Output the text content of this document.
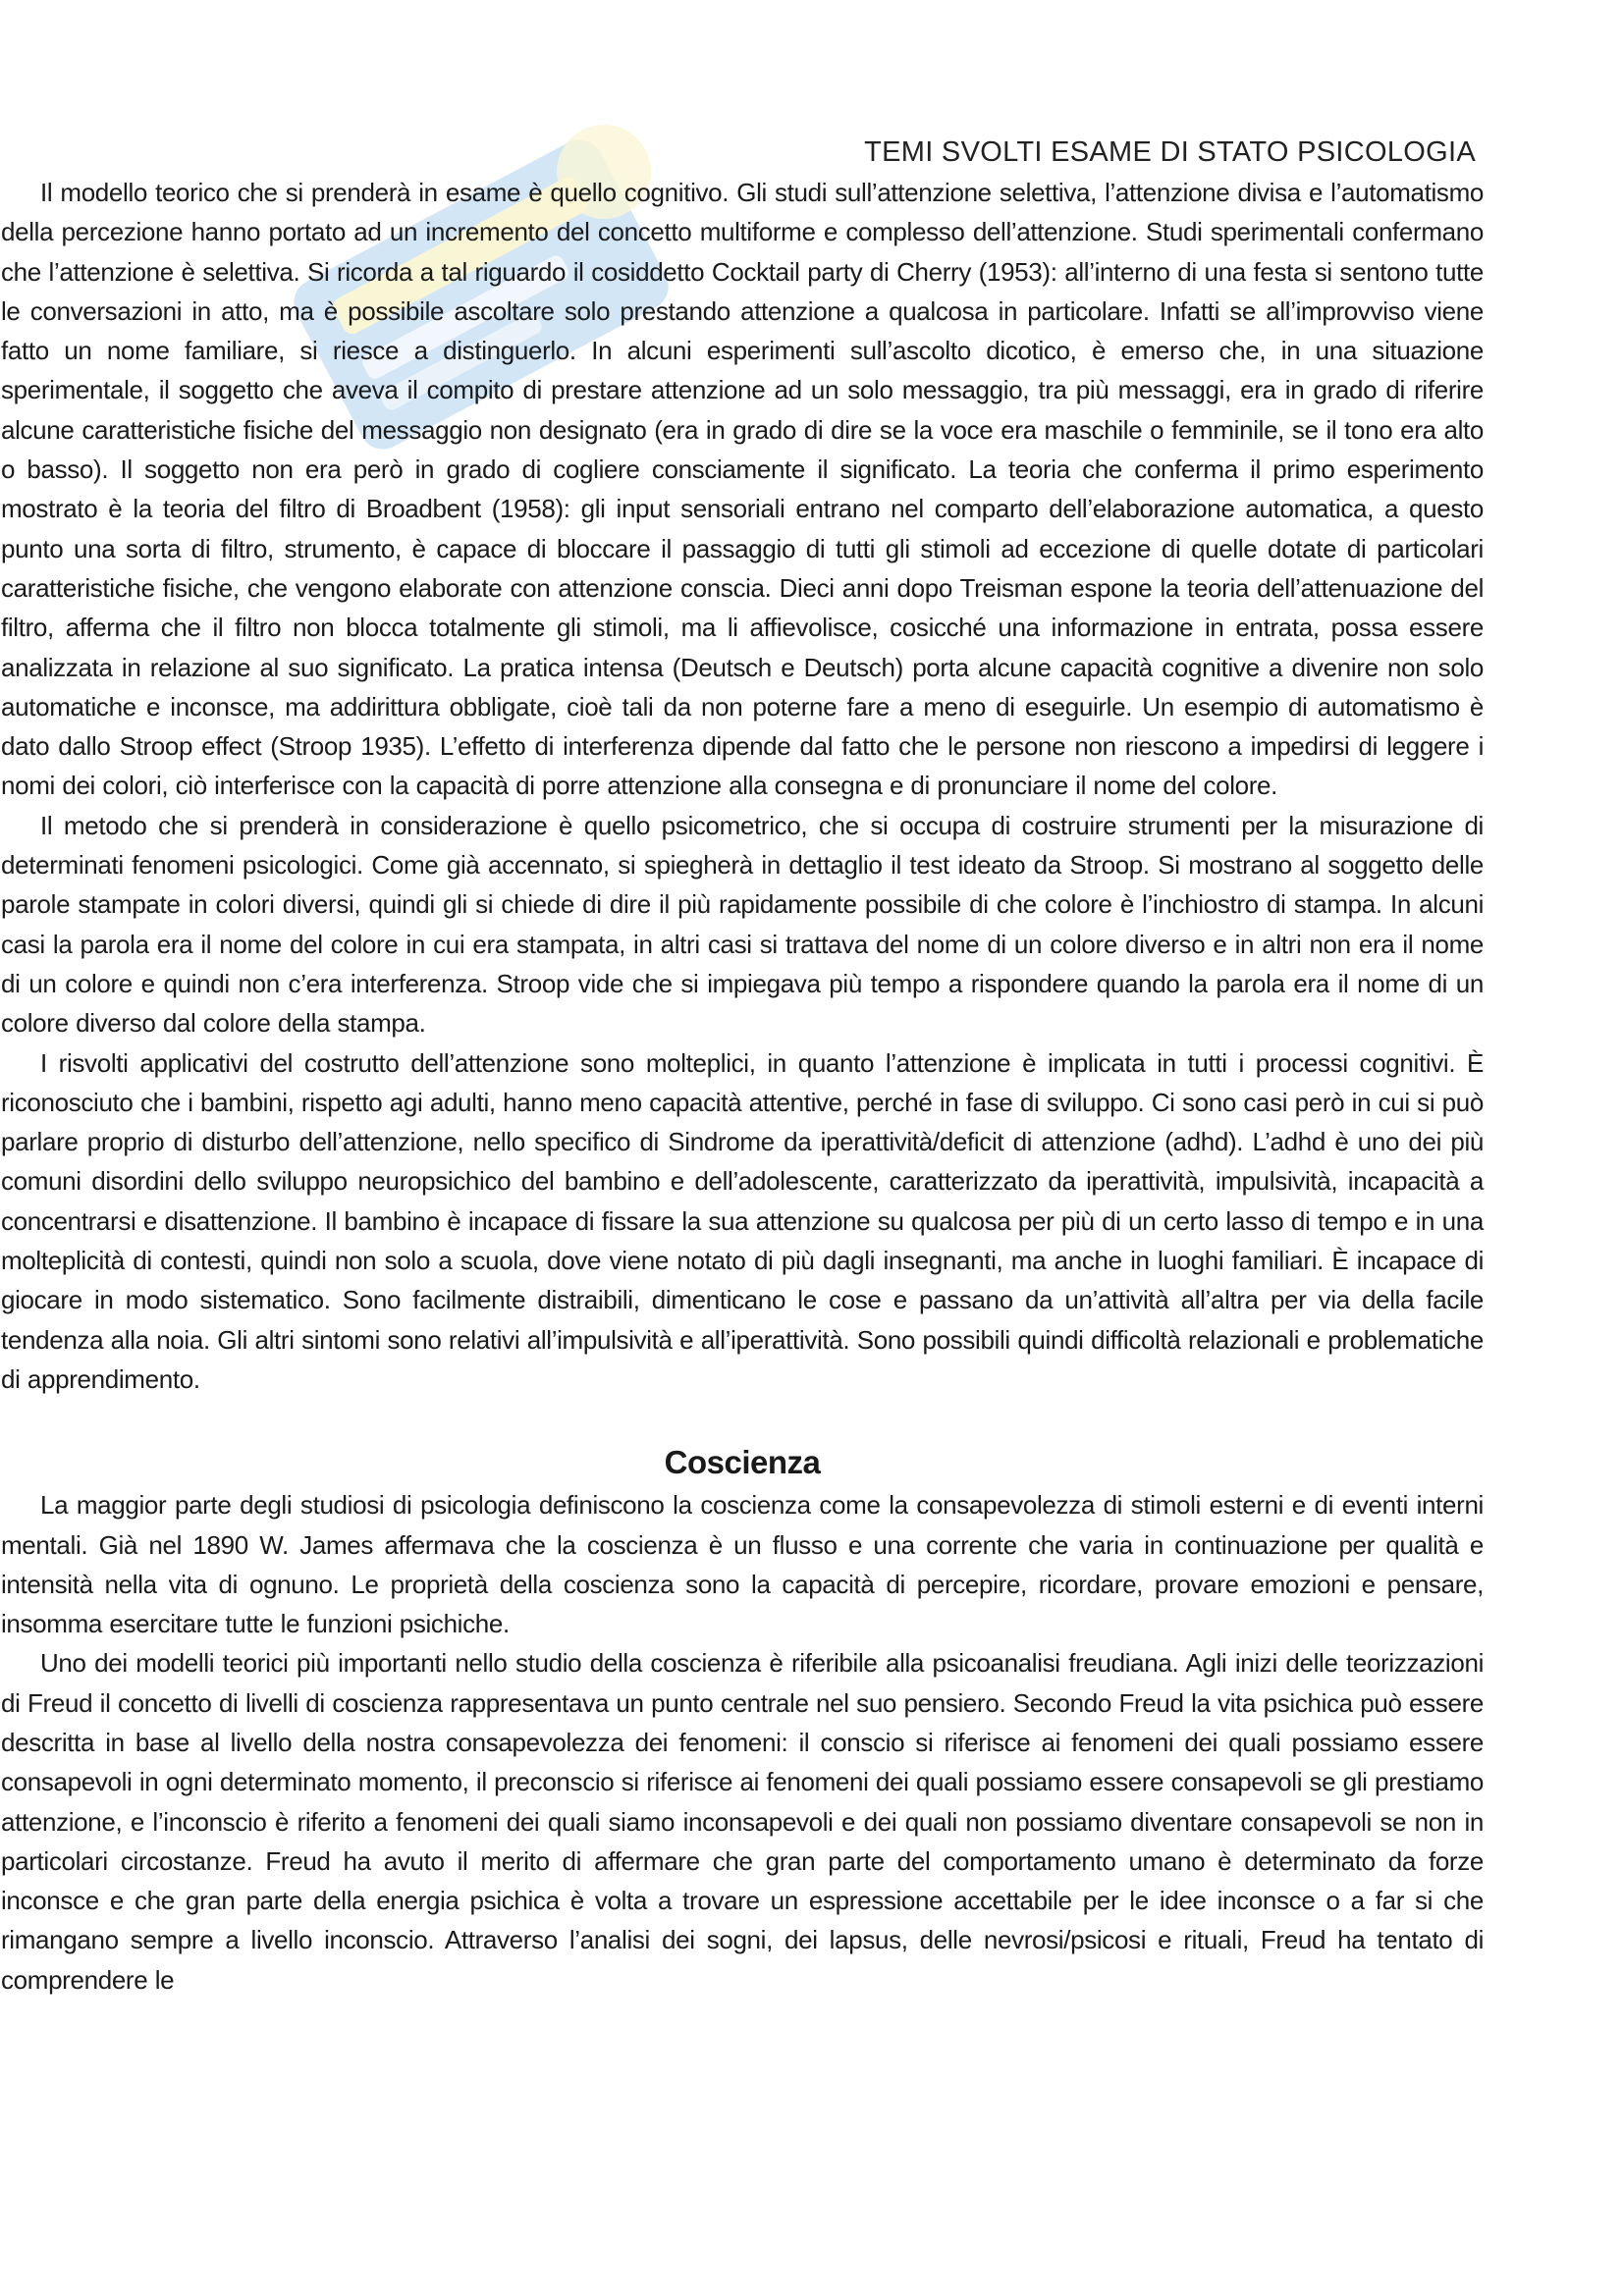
TEMI SVOLTI ESAME DI STATO PSICOLOGIA

Il modello teorico che si prenderà in esame è quello cognitivo. Gli studi sull’attenzione selettiva, l’attenzione divisa e l’automatismo della percezione hanno portato ad un incremento del concetto multiforme e complesso dell’attenzione. Studi sperimentali confermano che l’attenzione è selettiva. Si ricorda a tal riguardo il cosiddetto Cocktail party di Cherry (1953): all’interno di una festa si sentono tutte le conversazioni in atto, ma è possibile ascoltare solo prestando attenzione a qualcosa in particolare. Infatti se all’improvviso viene fatto un nome familiare, si riesce a distinguerlo. In alcuni esperimenti sull’ascolto dicotico, è emerso che, in una situazione sperimentale, il soggetto che aveva il compito di prestare attenzione ad un solo messaggio, tra più messaggi, era in grado di riferire alcune caratteristiche fisiche del messaggio non designato (era in grado di dire se la voce era maschile o femminile, se il tono era alto o basso). Il soggetto non era però in grado di cogliere consciamente il significato. La teoria che conferma il primo esperimento mostrato è la teoria del filtro di Broadbent (1958): gli input sensoriali entrano nel comparto dell’elaborazione automatica, a questo punto una sorta di filtro, strumento, è capace di bloccare il passaggio di tutti gli stimoli ad eccezione di quelle dotate di particolari caratteristiche fisiche, che vengono elaborate con attenzione conscia. Dieci anni dopo Treisman espone la teoria dell’attenuazione del filtro, afferma che il filtro non blocca totalmente gli stimoli, ma li affievolisce, cosicché una informazione in entrata, possa essere analizzata in relazione al suo significato. La pratica intensa (Deutsch e Deutsch) porta alcune capacità cognitive a divenire non solo automatiche e inconsce, ma addirittura obbligate, cioè tali da non poterne fare a meno di eseguirle. Un esempio di automatismo è dato dallo Stroop effect (Stroop 1935). L’effetto di interferenza dipende dal fatto che le persone non riescono a impedirsi di leggere i nomi dei colori, ciò interferisce con la capacità di porre attenzione alla consegna e di pronunciare il nome del colore.

Il metodo che si prenderà in considerazione è quello psicometrico, che si occupa di costruire strumenti per la misurazione di determinati fenomeni psicologici. Come già accennato, si spiegherà in dettaglio il test ideato da Stroop. Si mostrano al soggetto delle parole stampate in colori diversi, quindi gli si chiede di dire il più rapidamente possibile di che colore è l’inchiostro di stampa. In alcuni casi la parola era il nome del colore in cui era stampata, in altri casi si trattava del nome di un colore diverso e in altri non era il nome di un colore e quindi non c’era interferenza. Stroop vide che si impiegava più tempo a rispondere quando la parola era il nome di un colore diverso dal colore della stampa.

I risvolti applicativi del costrutto dell’attenzione sono molteplici, in quanto l’attenzione è implicata in tutti i processi cognitivi. È riconosciuto che i bambini, rispetto agi adulti, hanno meno capacità attentive, perché in fase di sviluppo. Ci sono casi però in cui si può parlare proprio di disturbo dell’attenzione, nello specifico di Sindrome da iperattività/deficit di attenzione (adhd). L’adhd è uno dei più comuni disordini dello sviluppo neuropsichico del bambino e dell’adolescente, caratterizzato da iperattività, impulsività, incapacità a concentrarsi e disattenzione. Il bambino è incapace di fissare la sua attenzione su qualcosa per più di un certo lasso di tempo e in una molteplicità di contesti, quindi non solo a scuola, dove viene notato di più dagli insegnanti, ma anche in luoghi familiari. È incapace di giocare in modo sistematico. Sono facilmente distraibili, dimenticano le cose e passano da un’attività all’altra per via della facile tendenza alla noia. Gli altri sintomi sono relativi all’impulsività e all’iperattività. Sono possibili quindi difficoltà relazionali e problematiche di apprendimento.

Coscienza

La maggior parte degli studiosi di psicologia definiscono la coscienza come la consapevolezza di stimoli esterni e di eventi interni mentali. Già nel 1890 W. James affermava che la coscienza è un flusso e una corrente che varia in continuazione per qualità e intensità nella vita di ognuno. Le proprietà della coscienza sono la capacità di percepire, ricordare, provare emozioni e pensare, insomma esercitare tutte le funzioni psichiche.

Uno dei modelli teorici più importanti nello studio della coscienza è riferibile alla psicoanalisi freudiana. Agli inizi delle teorizzazioni di Freud il concetto di livelli di coscienza rappresentava un punto centrale nel suo pensiero. Secondo Freud la vita psichica può essere descritta in base al livello della nostra consapevolezza dei fenomeni: il conscio si riferisce ai fenomeni dei quali possiamo essere consapevoli in ogni determinato momento, il preconscio si riferisce ai fenomeni dei quali possiamo essere consapevoli se gli prestiamo attenzione, e l’inconscio è riferito a fenomeni dei quali siamo inconsapevoli e dei quali non possiamo diventare consapevoli se non in particolari circostanze. Freud ha avuto il merito di affermare che gran parte del comportamento umano è determinato da forze inconsce e che gran parte della energia psichica è volta a trovare un espressione accettabile per le idee inconsce o a far si che rimangano sempre a livello inconscio. Attraverso l’analisi dei sogni, dei lapsus, delle nevrosi/psicosi e rituali, Freud ha tentato di comprendere le
